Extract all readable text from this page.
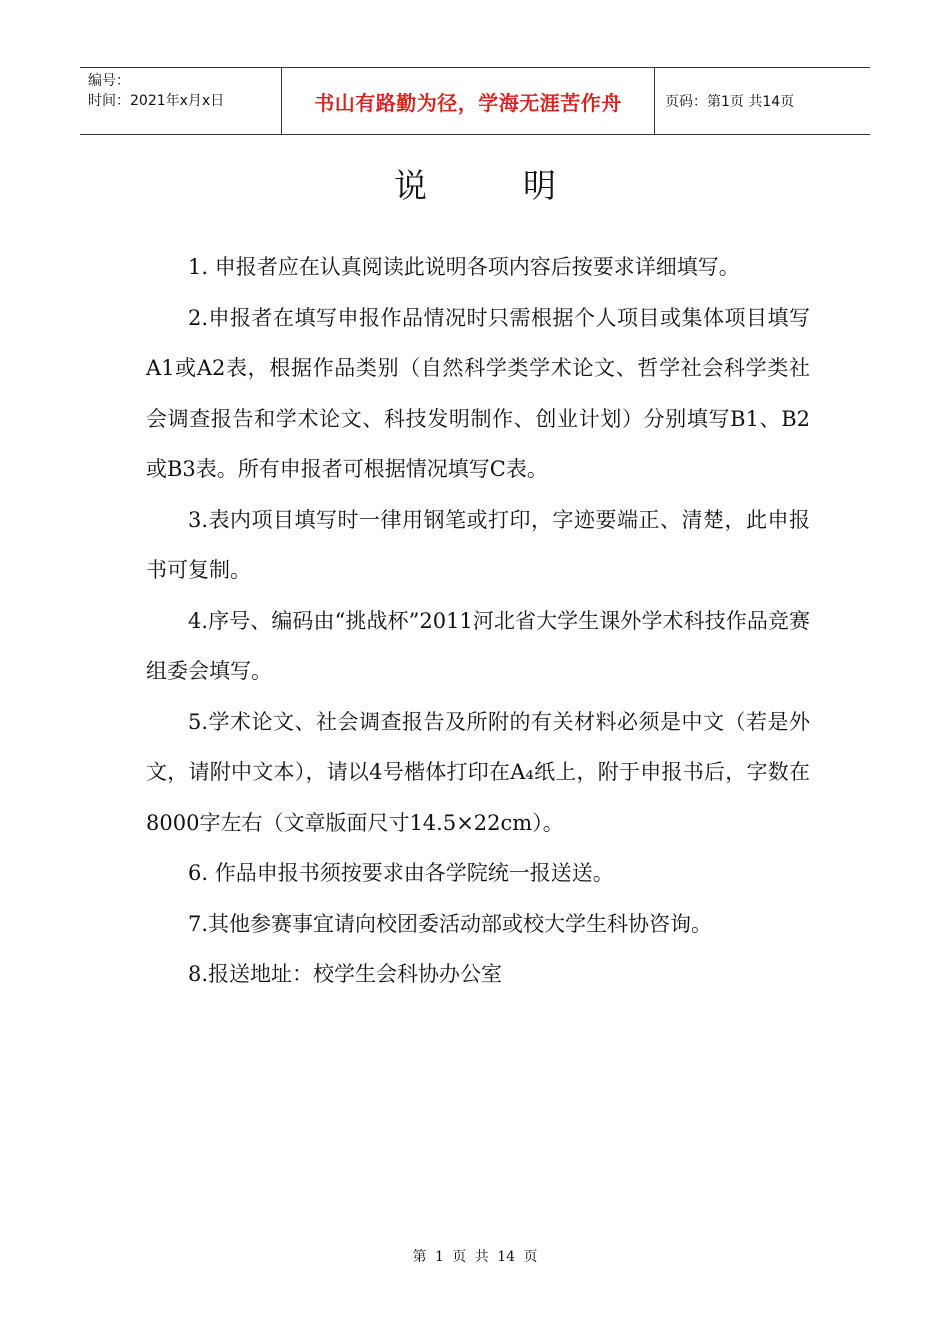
编号：
时间：2021年x月x日	书山有路勤为径，学海无涯苦作舟	页码：第1页 共14页
说	明

1. 申报者应在认真阅读此说明各项内容后按要求详细填写。

2.申报者在填写申报作品情况时只需根据个人项目或集体项目填写A1或A2表，根据作品类别（自然科学类学术论文、哲学社会科学类社会调查报告和学术论文、科技发明制作、创业计划）分别填写B1、B2或B3表。所有申报者可根据情况填写C表。

3.表内项目填写时一律用钢笔或打印，字迹要端正、清楚，此申报书可复制。

4.序号、编码由“挑战杯”2011河北省大学生课外学术科技作品竞赛组委会填写。

5.学术论文、社会调查报告及所附的有关材料必须是中文（若是外文，请附中文本），请以4号楷体打印在A₄纸上，附于申报书后，字数在8000字左右（文章版面尺寸14.5×22cm）。

6. 作品申报书须按要求由各学院统一报送送。

7.其他参赛事宜请向校团委活动部或校大学生科协咨询。

8.报送地址：校学生会科协办公室

第 1 页 共 14 页
